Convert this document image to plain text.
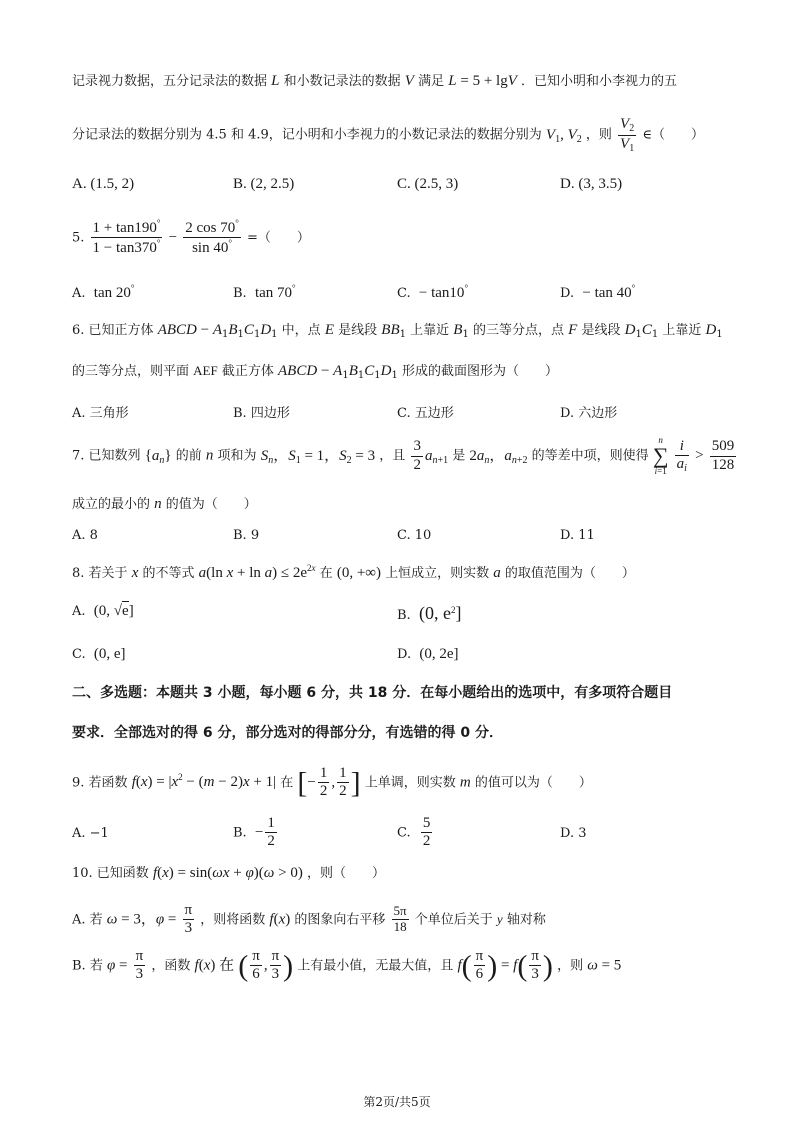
记录视力数据，五分记录法的数据 L 和小数记录法的数据 V 满足 L = 5 + lgV ．已知小明和小李视力的五
分记录法的数据分别为 4.5 和 4.9，记小明和小李视力的小数记录法的数据分别为 $V_1$, $V_2$ ，则 $\frac{V_2}{V_1}$ ∈（　　）
A. (1.5, 2)	B. (2, 2.5)	C. (2.5, 3)	D. (3, 3.5)
5. $\frac{1 + \tan 190^\circ}{1 - \tan 370^\circ} - \frac{2 \cos 70^\circ}{\sin 40^\circ}$ =（　　）
A. tan 20°	B. tan 70°	C. − tan10°	D. − tan 40°
6. 已知正方体 ABCD − $A_1B_1C_1D_1$ 中，点 E 是线段 $BB_1$ 上靠近 $B_1$ 的三等分点，点 F 是线段 $D_1C_1$ 上靠近 $D_1$
的三等分点，则平面 AEF 截正方体 ABCD − $A_1B_1C_1D_1$ 形成的截面图形为（　　）
A. 三角形	B. 四边形	C. 五边形	D. 六边形
7. 已知数列 $\{a_n\}$ 的前 n 项和为 $S_n$，$S_1 = 1$，$S_2 = 3$ ，且 $\frac{3}{2} a_{n+1}$ 是 $2a_n$，$a_{n+2}$ 的等差中项，则使得
n
∑
i=1
$\frac{i}{a_i} > \frac{509}{128}$
成立的最小的 n 的值为（　　）
A. 8	B. 9	C. 10	D. 11
8. 若关于 x 的不等式 a(ln $x + \ln a) \le 2e^{2x}$ 在 (0, +∞) 上恒成立，则实数 a 的取值范围为（　　）
A. (0, √e]	B. (0, $e^2$]
C. (0, e]	D. (0, 2e]
二、多选题：本题共 3 小题，每小题 6 分，共 18 分．在每小题给出的选项中，有多项符合题目
要求．全部选对的得 6 分，部分选对的得部分分，有选错的得 0 分．
9. 若函数 $f(x) = |x^2 - (m - 2)x + 1|$ 在 [− $\frac{1}{2}$ , $\frac{1}{2}$ ] 上单调，则实数 m 的值可以为（　　）
A. −1	B. − $\frac{1}{2}$	C. $\frac{5}{2}$	D. 3
10. 已知函数 f(x) = sin(ωx + φ)(ω > 0) ，则（　　）
A. 若 ω = 3，$\varphi = \frac{\pi}{3}$ ，则将函数 f(x) 的图象向右平移 $\frac{5\pi}{18}$ 个单位后关于 y 轴对称
B. 若 $\varphi = \frac{\pi}{3}$ ，函数 f(x) 在 ( $\frac{\pi}{6}$ , $\frac{\pi}{3}$ ) 上有最小值，无最大值，且 $f( \frac{\pi}{6}$ ) = $f( \frac{\pi}{3}$ ) ，则 ω = 5
第2页/共5页
